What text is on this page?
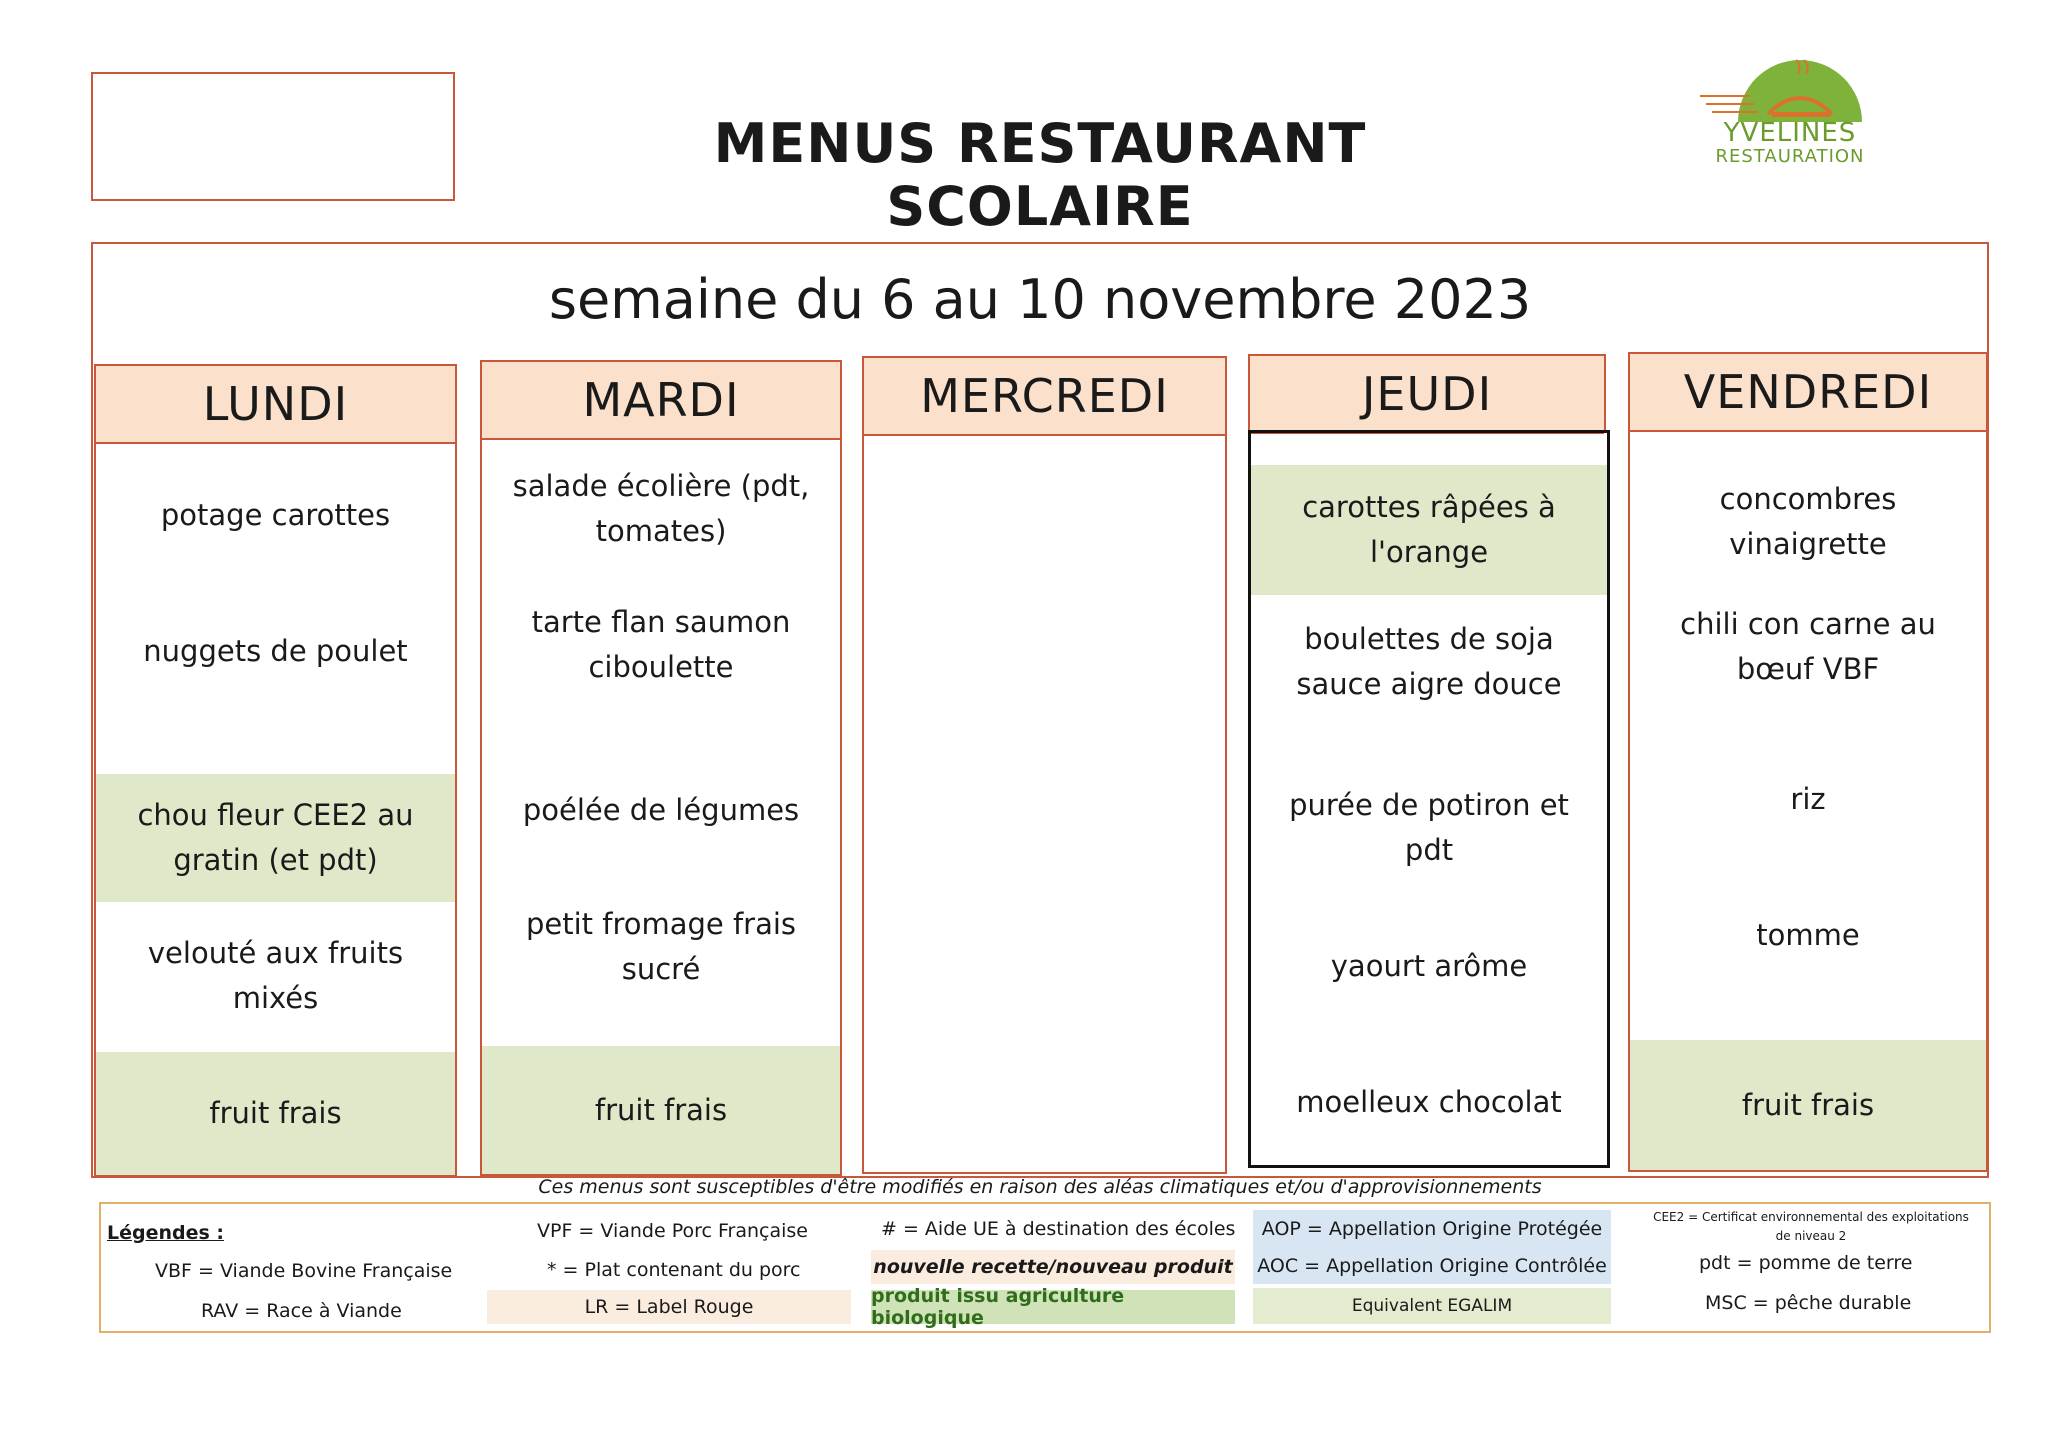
MENUS RESTAURANT SCOLAIRE
YVELINES
RESTAURATION
semaine du 6 au 10 novembre 2023
LUNDI
potage carottes
nuggets de poulet
chou fleur CEE2 au gratin (et pdt)
velouté aux fruits mixés
fruit frais
MARDI
salade écolière (pdt, tomates)
tarte flan saumon ciboulette
poélée de légumes
petit fromage frais sucré
fruit frais
MERCREDI	JEUDI
carottes râpées à l'orange
boulettes de soja sauce aigre douce
purée de potiron et pdt
yaourt arôme
moelleux chocolat
VENDREDI
concombres vinaigrette
chili con carne au bœuf VBF
riz
tomme
fruit frais
Ces menus sont susceptibles d'être modifiés en raison des aléas climatiques et/ou d'approvisionnements
Légendes :
VBF = Viande Bovine Française
RAV = Race à Viande
VPF = Viande Porc Française
* = Plat contenant du porc
LR = Label Rouge
# = Aide UE à destination des écoles
nouvelle recette/nouveau produit
produit issu agriculture biologique
AOP = Appellation Origine Protégée
AOC = Appellation Origine Contrôlée
Equivalent EGALIM
CEE2 = Certificat environnemental des exploitations de niveau 2
pdt = pomme de terre
MSC = pêche durable
